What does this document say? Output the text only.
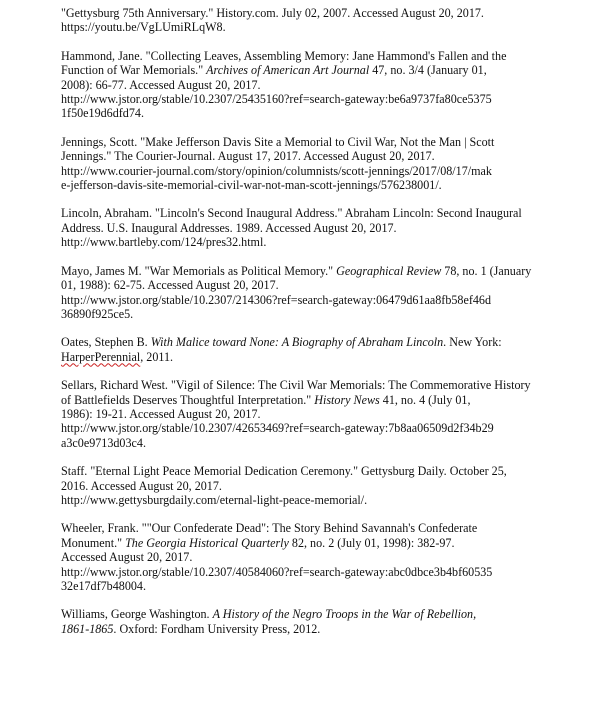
"Gettysburg 75th Anniversary." History.com. July 02, 2007. Accessed August 20, 2017.
https://youtu.be/VgLUmiRLqW8.

Hammond, Jane. "Collecting Leaves, Assembling Memory: Jane Hammond's Fallen and the
Function of War Memorials." Archives of American Art Journal 47, no. 3/4 (January 01,
2008): 66-77. Accessed August 20, 2017.
http://www.jstor.org/stable/10.2307/25435160?ref=search-gateway:be6a9737fa80ce5375
1f50e19d6dfd74.

Jennings, Scott. "Make Jefferson Davis Site a Memorial to Civil War, Not the Man | Scott
Jennings." The Courier-Journal. August 17, 2017. Accessed August 20, 2017.
http://www.courier-journal.com/story/opinion/columnists/scott-jennings/2017/08/17/mak
e-jefferson-davis-site-memorial-civil-war-not-man-scott-jennings/576238001/.

Lincoln, Abraham. "Lincoln's Second Inaugural Address." Abraham Lincoln: Second Inaugural
Address. U.S. Inaugural Addresses. 1989. Accessed August 20, 2017.
http://www.bartleby.com/124/pres32.html.

Mayo, James M. "War Memorials as Political Memory." Geographical Review 78, no. 1 (January
01, 1988): 62-75. Accessed August 20, 2017.
http://www.jstor.org/stable/10.2307/214306?ref=search-gateway:06479d61aa8fb58ef46d
36890f925ce5.

Oates, Stephen B. With Malice toward None: A Biography of Abraham Lincoln. New York:
HarperPerennial, 2011.

Sellars, Richard West. "Vigil of Silence: The Civil War Memorials: The Commemorative History
of Battlefields Deserves Thoughtful Interpretation." History News 41, no. 4 (July 01,
1986): 19-21. Accessed August 20, 2017.
http://www.jstor.org/stable/10.2307/42653469?ref=search-gateway:7b8aa06509d2f34b29
a3c0e9713d03c4.

Staff. "Eternal Light Peace Memorial Dedication Ceremony." Gettysburg Daily. October 25,
2016. Accessed August 20, 2017.
http://www.gettysburgdaily.com/eternal-light-peace-memorial/.

Wheeler, Frank. ""Our Confederate Dead": The Story Behind Savannah's Confederate
Monument." The Georgia Historical Quarterly 82, no. 2 (July 01, 1998): 382-97.
Accessed August 20, 2017.
http://www.jstor.org/stable/10.2307/40584060?ref=search-gateway:abc0dbce3b4bf60535
32e17df7b48004.

Williams, George Washington. A History of the Negro Troops in the War of Rebellion,
1861-1865. Oxford: Fordham University Press, 2012.
